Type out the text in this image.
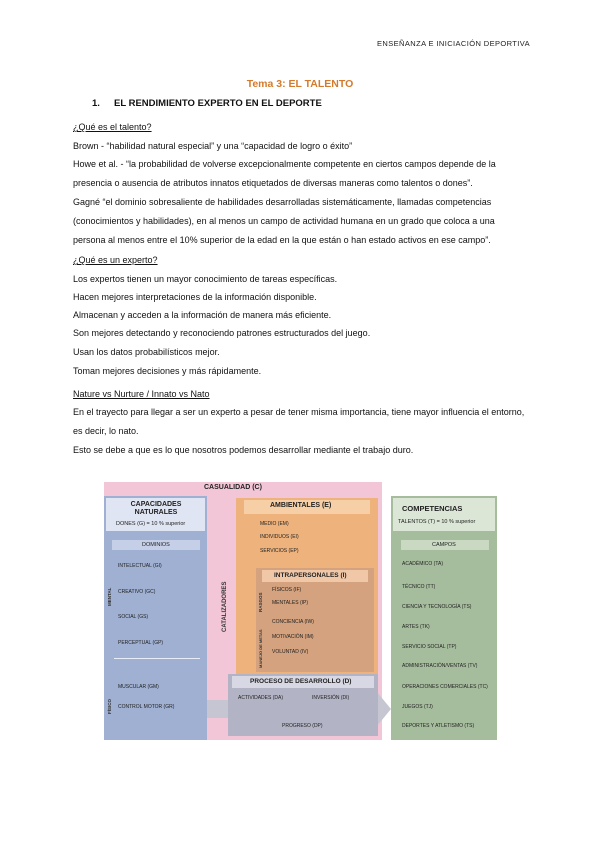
ENSEÑANZA E INICIACIÓN DEPORTIVA
Tema 3: EL TALENTO
1. EL RENDIMIENTO EXPERTO EN EL DEPORTE
¿Qué es el talento?
Brown - “habilidad natural especial” y una “capacidad de logro o éxito”
Howe et al. - “la probabilidad de volverse excepcionalmente competente en ciertos campos depende de la presencia o ausencia de atributos innatos etiquetados de diversas maneras como talentos o dones”.
Gagné “el dominio sobresaliente de habilidades desarrolladas sistemáticamente, llamadas competencias (conocimientos y habilidades), en al menos un campo de actividad humana en un grado que coloca a una persona al menos entre el 10% superior de la edad en la que están o han estado activos en ese campo”.
¿Qué es un experto?
Los expertos tienen un mayor conocimiento de tareas específicas.
Hacen mejores interpretaciones de la información disponible.
Almacenan y acceden a la información de manera más eficiente.
Son mejores detectando y reconociendo patrones estructurados del juego.
Usan los datos probabilísticos mejor.
Toman mejores decisiones y más rápidamente.
Nature vs Nurture / Innato vs Nato
En el trayecto para llegar a ser un experto a pesar de tener misma importancia, tiene mayor influencia el entorno, es decir, lo nato.
Esto se debe a que es lo que nosotros podemos desarrollar mediante el trabajo duro.
CASUALIDAD (C)
CAPACIDADES NATURALES
DONES (G) = 10 % superior
DOMINIOS
MENTAL
FÍSICO
INTELECTUAL (GI)
CREATIVO (GC)
SOCIAL (GS)
PERCEPTUAL (GP)
MUSCULAR (GM)
CONTROL MOTOR (GR)
CATALIZADORES
AMBIENTALES (E)
MEDIO (EM)
INDIVIDUOS (EI)
SERVICIOS (EP)
INTRAPERSONALES (I)
RASGOS
MANEJO DE METAS
FÍSICOS (IF)
MENTALES (IP)
CONCIENCIA (IW)
MOTIVACIÓN (IM)
VOLUNTAD (IV)
PROCESO DE DESARROLLO (D)
ACTIVIDADES (DA)	INVERSIÓN (DI)
PROGRESO (DP)
COMPETENCIAS
TALENTOS (T) = 10 % superior
CAMPOS
ACADÉMICO (TA)
TÉCNICO (TT)
CIENCIA Y TECNOLOGÍA (TS)
ARTES (TK)
SERVICIO SOCIAL (TP)
ADMINISTRACIÓN/VENTAS (TV)
OPERACIONES COMERCIALES (TC)
JUEGOS (TJ)
DEPORTES Y ATLETISMO (TS)
